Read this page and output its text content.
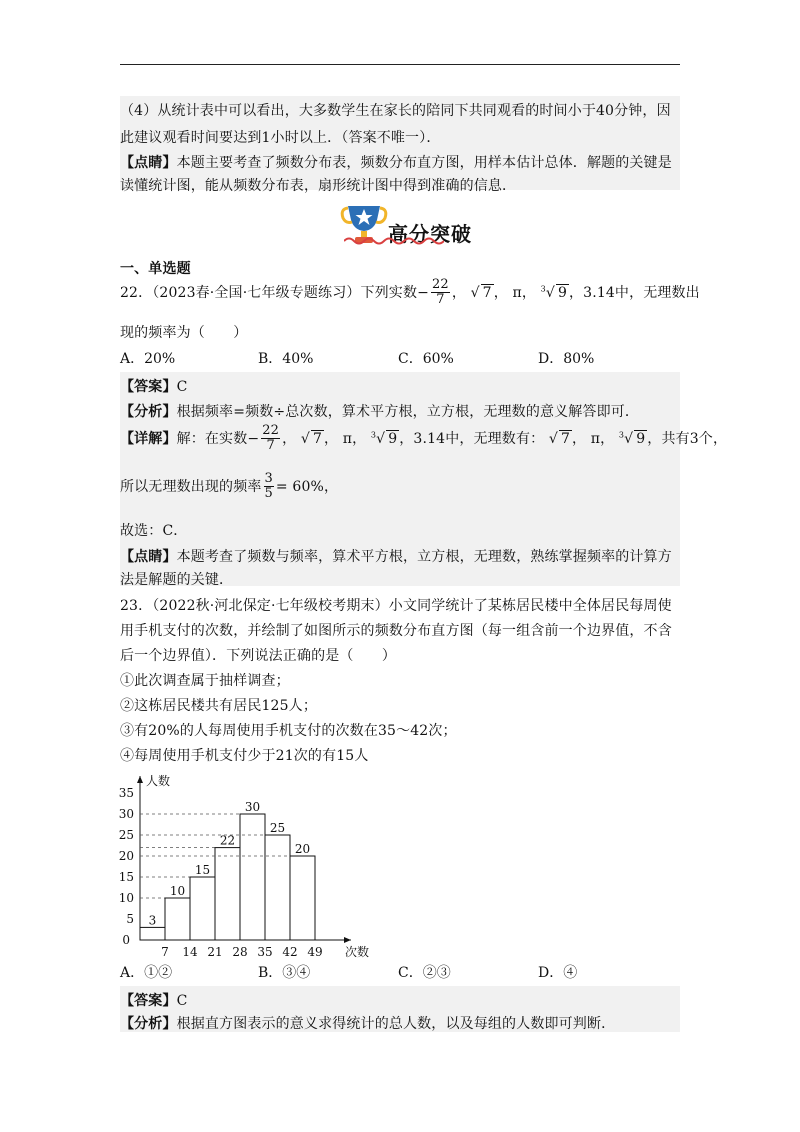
（4）从统计表中可以看出，大多数学生在家长的陪同下共同观看的时间小于40分钟，因
此建议观看时间要达到1小时以上．（答案不唯一）．
【点睛】本题主要考查了频数分布表，频数分布直方图，用样本估计总体．解题的关键是
读懂统计图，能从频数分布表，扇形统计图中得到准确的信息．
高分突破
一、单选题
22．（2023春·全国·七年级专题练习）下列实数− $\frac{22}{7}$ ， √ 7 ， π， $^3$√ 9 ，3.14中，无理数出
现的频率为（　　）
A．20%	B．40%	C．60%	D．80%
【答案】C
【分析】根据频率=频数÷总次数，算术平方根，立方根，无理数的意义解答即可．
【详解】解：在实数− $\frac{22}{7}$ ， √ 7 ， π， $^3$√ 9 ，3.14中，无理数有： √ 7 ， π， $^3$√ 9 ，共有3个，
所以无理数出现的频率 $\frac{3}{5} = 60\%$，
故选：C．
【点睛】本题考查了频数与频率，算术平方根，立方根，无理数，熟练掌握频率的计算方
法是解题的关键．
23．（2022秋·河北保定·七年级校考期末）小文同学统计了某栋居民楼中全体居民每周使
用手机支付的次数，并绘制了如图所示的频数分布直方图（每一组含前一个边界值，不含
后一个边界值）．下列说法正确的是（　　）
①此次调查属于抽样调查；
②这栋居民楼共有居民125人；
③有20%的人每周使用手机支付的次数在35～42次；
④每周使用手机支付少于21次的有15人
人数
次数
5
10
15
20
25
30
35
0
7 14 21 28 35 42 49
3
10
15
22
30
25
20
A．①②	B．③④	C．②③	D．④
【答案】C
【分析】根据直方图表示的意义求得统计的总人数，以及每组的人数即可判断．
